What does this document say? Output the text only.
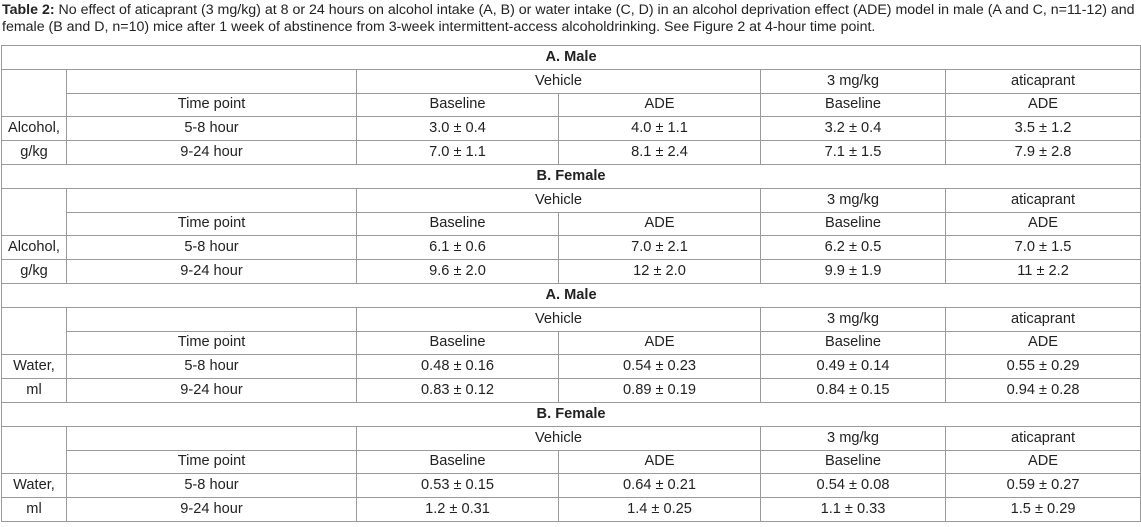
Table 2: No effect of aticaprant (3 mg/kg) at 8 or 24 hours on alcohol intake (A, B) or water intake (C, D) in an alcohol deprivation effect (ADE) model in male (A and C, n=11-12) and female (B and D, n=10) mice after 1 week of abstinence from 3-week intermittent-access alcoholdrinking. See Figure 2 at 4-hour time point.
A. Male					
		Vehicle		3 mg/kg	aticaprant
	Time point	Baseline	ADE	Baseline	ADE
Alcohol,	5-8 hour	3.0 ± 0.4	4.0 ± 1.1	3.2 ± 0.4	3.5 ± 1.2
g/kg	9-24 hour	7.0 ± 1.1	8.1 ± 2.4	7.1 ± 1.5	7.9 ± 2.8
B. Female					
		Vehicle		3 mg/kg	aticaprant
	Time point	Baseline	ADE	Baseline	ADE
Alcohol,	5-8 hour	6.1 ± 0.6	7.0 ± 2.1	6.2 ± 0.5	7.0 ± 1.5
g/kg	9-24 hour	9.6 ± 2.0	12 ± 2.0	9.9 ± 1.9	11 ± 2.2
A. Male					
		Vehicle		3 mg/kg	aticaprant
	Time point	Baseline	ADE	Baseline	ADE
Water,	5-8 hour	0.48 ± 0.16	0.54 ± 0.23	0.49 ± 0.14	0.55 ± 0.29
ml	9-24 hour	0.83 ± 0.12	0.89 ± 0.19	0.84 ± 0.15	0.94 ± 0.28
B. Female					
		Vehicle		3 mg/kg	aticaprant
	Time point	Baseline	ADE	Baseline	ADE
Water,	5-8 hour	0.53 ± 0.15	0.64 ± 0.21	0.54 ± 0.08	0.59 ± 0.27
ml	9-24 hour	1.2 ± 0.31	1.4 ± 0.25	1.1 ± 0.33	1.5 ± 0.29
